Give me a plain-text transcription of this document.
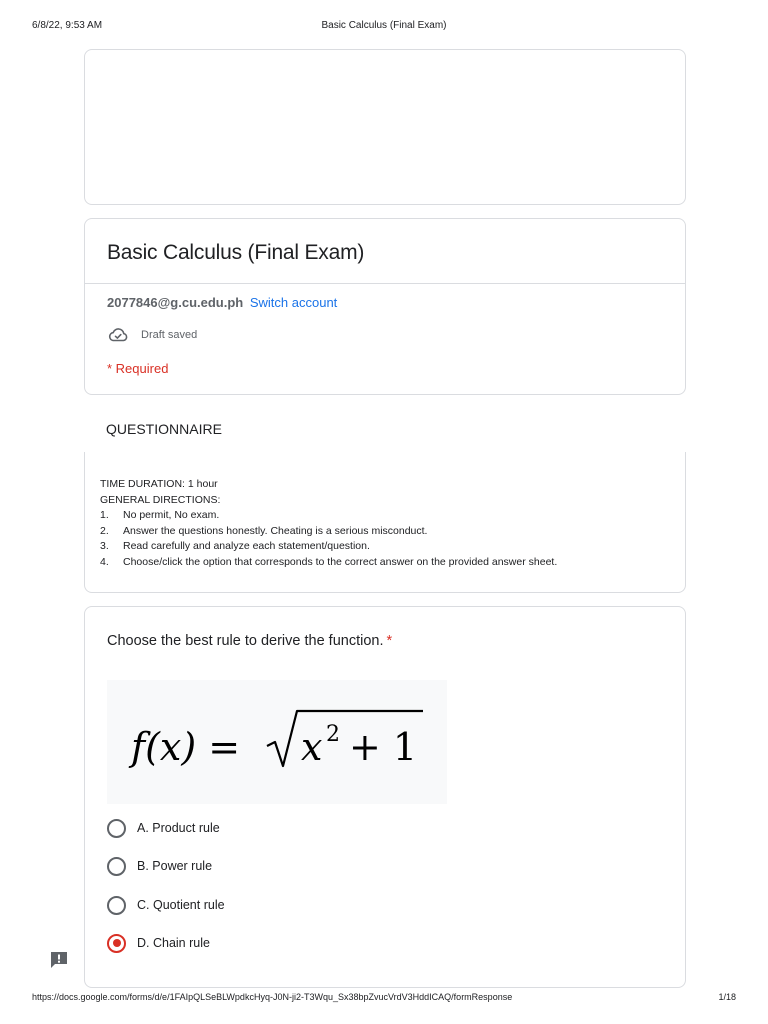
6/8/22, 9:53 AM	Basic Calculus (Final Exam)
Basic Calculus (Final Exam)
2077846@g.cu.edu.ph Switch account
Draft saved
* Required
QUESTIONNAIRE
TIME DURATION: 1 hour
GENERAL DIRECTIONS:
1.	No permit, No exam.
2.	Answer the questions honestly. Cheating is a serious misconduct.
3.	Read carefully and analyze each statement/question.
4.	Choose/click the option that corresponds to the correct answer on the provided answer sheet.
Choose the best rule to derive the function. *
f(x) = x 2 + 1
A. Product rule
B. Power rule
C. Quotient rule
D. Chain rule
https://docs.google.com/forms/d/e/1FAIpQLSeBLWpdkcHyq-J0N-ji2-T3Wqu_Sx38bpZvucVrdV3HddICAQ/formResponse	1/18
